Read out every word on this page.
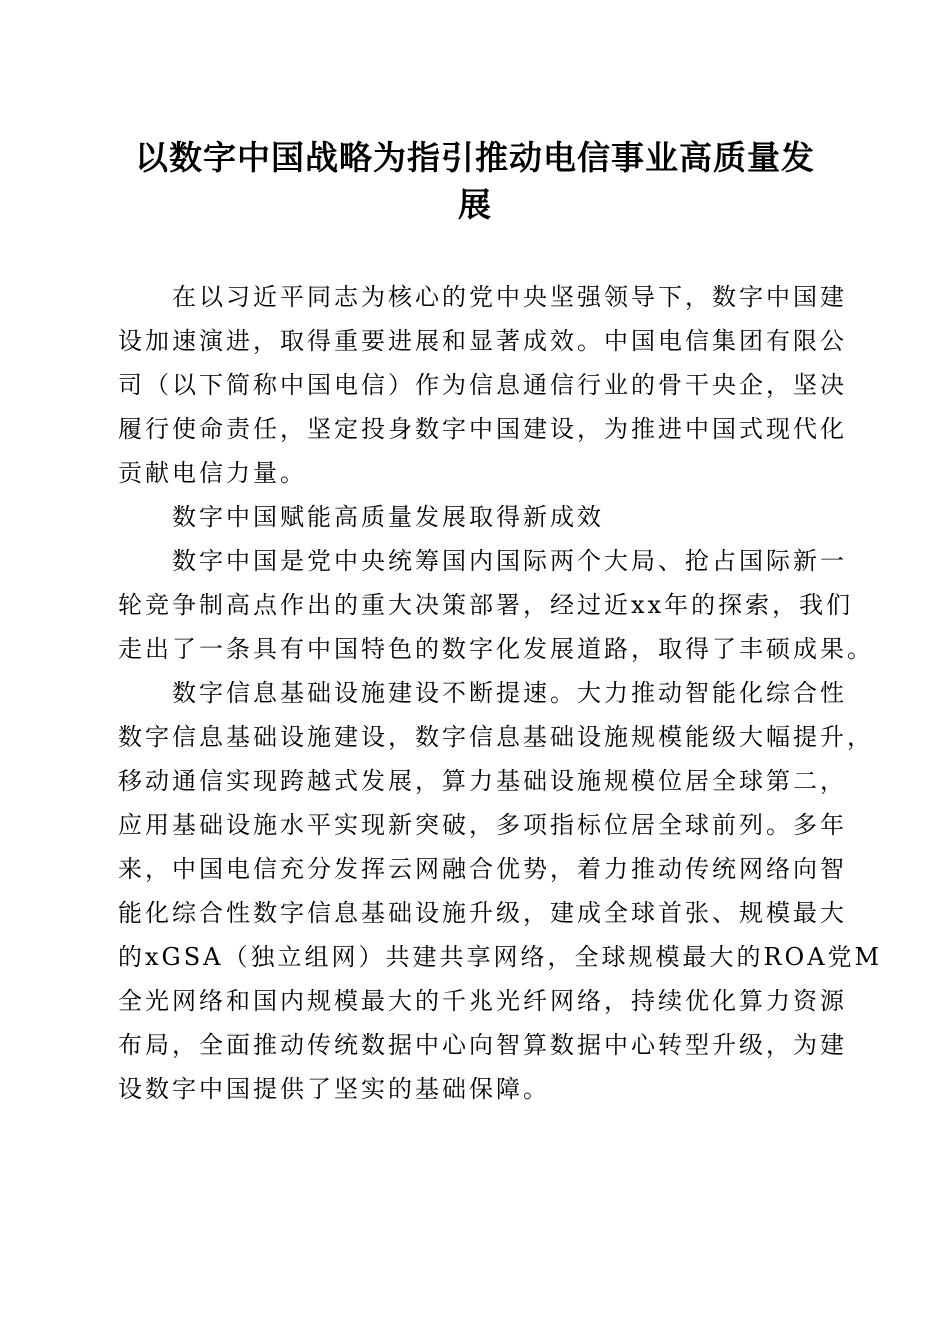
以数字中国战略为指引推动电信事业高质量发
展
在以习近平同志为核心的党中央坚强领导下，数字中国建
设加速演进，取得重要进展和显著成效。中国电信集团有限公
司（以下简称中国电信）作为信息通信行业的骨干央企，坚决
履行使命责任，坚定投身数字中国建设，为推进中国式现代化
贡献电信力量。
数字中国赋能高质量发展取得新成效
数字中国是党中央统筹国内国际两个大局、抢占国际新一
轮竞争制高点作出的重大决策部署，经过近xx年的探索，我们
走出了一条具有中国特色的数字化发展道路，取得了丰硕成果。
数字信息基础设施建设不断提速。大力推动智能化综合性
数字信息基础设施建设，数字信息基础设施规模能级大幅提升，
移动通信实现跨越式发展，算力基础设施规模位居全球第二，
应用基础设施水平实现新突破，多项指标位居全球前列。多年
来，中国电信充分发挥云网融合优势，着力推动传统网络向智
能化综合性数字信息基础设施升级，建成全球首张、规模最大
的xGSA（独立组网）共建共享网络，全球规模最大的ROA党M
全光网络和国内规模最大的千兆光纤网络，持续优化算力资源
布局，全面推动传统数据中心向智算数据中心转型升级，为建
设数字中国提供了坚实的基础保障。
